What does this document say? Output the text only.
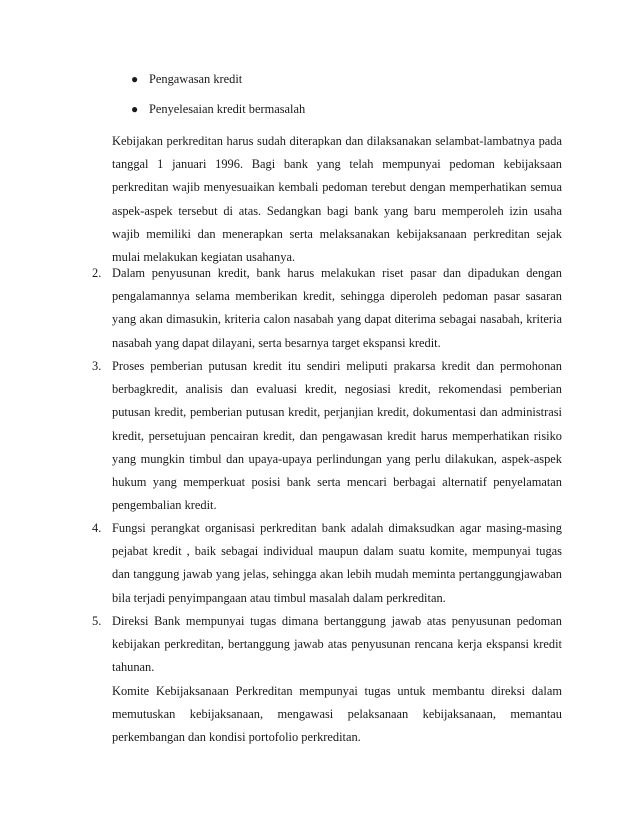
● Pengawasan kredit
● Penyelesaian kredit bermasalah

Kebijakan perkreditan harus sudah diterapkan dan dilaksanakan selambat-lambatnya pada tanggal 1 januari 1996. Bagi bank yang telah mempunyai pedoman kebijaksaan perkreditan wajib menyesuaikan kembali pedoman terebut dengan memperhatikan semua aspek-aspek tersebut di atas. Sedangkan bagi bank yang baru memperoleh izin usaha wajib memiliki dan menerapkan serta melaksanakan kebijaksanaan perkreditan sejak mulai melakukan kegiatan usahanya.

2. Dalam penyusunan kredit, bank harus melakukan riset pasar dan dipadukan dengan pengalamannya selama memberikan kredit, sehingga diperoleh pedoman pasar sasaran yang akan dimasukin, kriteria calon nasabah yang dapat diterima sebagai nasabah, kriteria nasabah yang dapat dilayani, serta besarnya target ekspansi kredit.

3. Proses pemberian putusan kredit itu sendiri meliputi prakarsa kredit dan permohonan berbagkredit, analisis dan evaluasi kredit, negosiasi kredit, rekomendasi pemberian putusan kredit, pemberian putusan kredit, perjanjian kredit, dokumentasi dan administrasi kredit, persetujuan pencairan kredit, dan pengawasan kredit harus memperhatikan risiko yang mungkin timbul dan upaya-upaya perlindungan yang perlu dilakukan, aspek-aspek hukum yang memperkuat posisi bank serta mencari berbagai alternatif penyelamatan pengembalian kredit.

4. Fungsi perangkat organisasi perkreditan bank adalah dimaksudkan agar masing-masing pejabat kredit , baik sebagai individual maupun dalam suatu komite, mempunyai tugas dan tanggung jawab yang jelas, sehingga akan lebih mudah meminta pertanggungjawaban bila terjadi penyimpangaan atau timbul masalah dalam perkreditan.

5. Direksi Bank mempunyai tugas dimana bertanggung jawab atas penyusunan pedoman kebijakan perkreditan, bertanggung jawab atas penyusunan rencana kerja ekspansi kredit tahunan.

Komite Kebijaksanaan Perkreditan mempunyai tugas untuk membantu direksi dalam memutuskan kebijaksanaan, mengawasi pelaksanaan kebijaksanaan, memantau perkembangan dan kondisi portofolio perkreditan.
